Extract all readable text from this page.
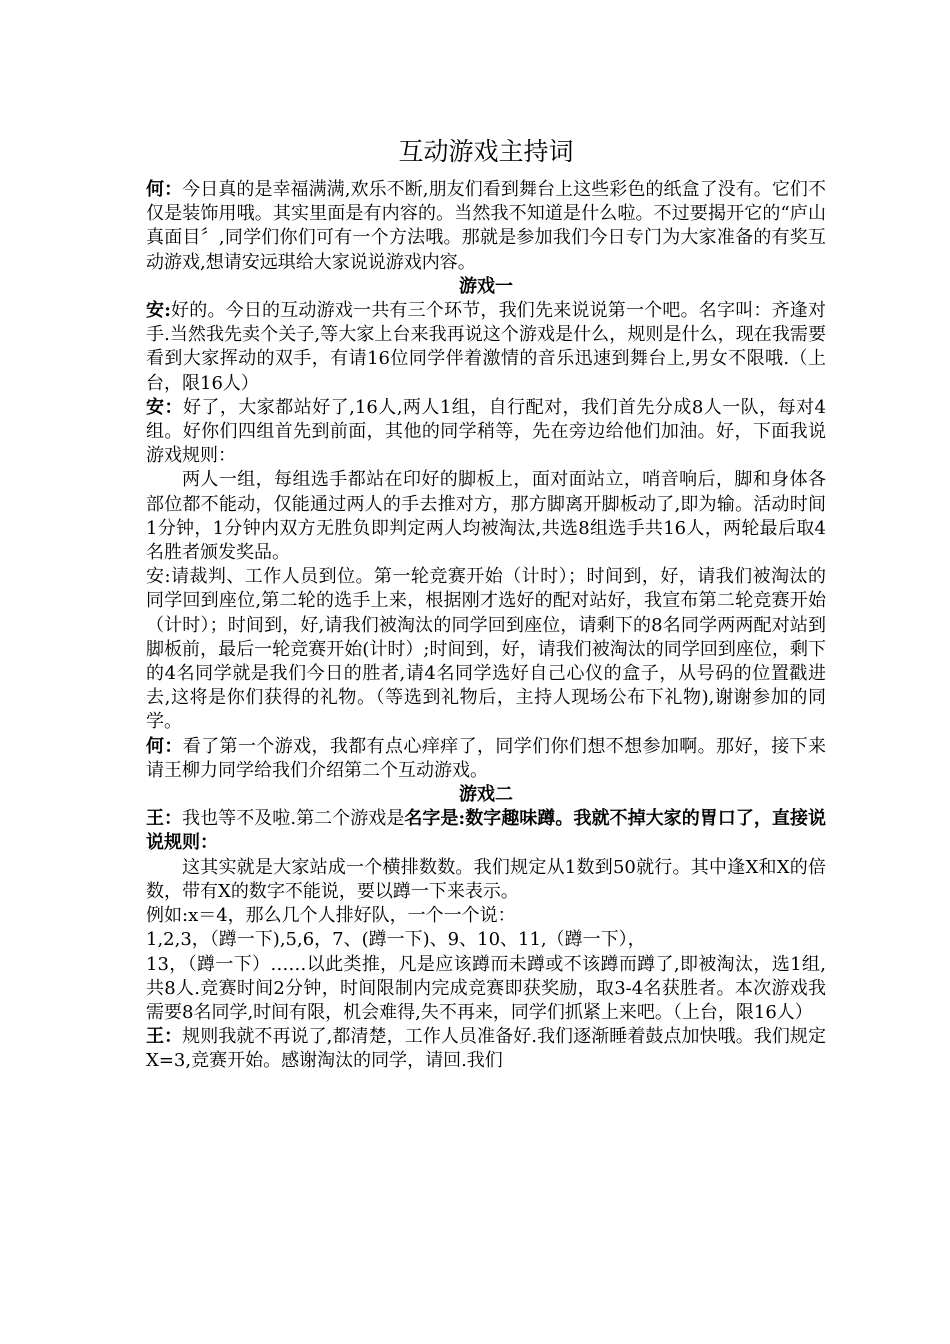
互动游戏主持词

何：今日真的是幸福满满,欢乐不断,朋友们看到舞台上这些彩色的纸盒了没有。它们不仅是装饰用哦。其实里面是有内容的。当然我不知道是什么啦。不过要揭开它的“庐山真面目〞,同学们你们可有一个方法哦。那就是参加我们今日专门为大家准备的有奖互动游戏,想请安远琪给大家说说游戏内容。

游戏一

安:好的。今日的互动游戏一共有三个环节，我们先来说说第一个吧。名字叫：齐逢对手.当然我先卖个关子,等大家上台来我再说这个游戏是什么，规则是什么，现在我需要看到大家挥动的双手，有请16位同学伴着激情的音乐迅速到舞台上,男女不限哦.（上台，限16人）

安：好了，大家都站好了,16人,两人1组，自行配对，我们首先分成8人一队，每对4组。好你们四组首先到前面，其他的同学稍等，先在旁边给他们加油。好，下面我说游戏规则：

两人一组，每组选手都站在印好的脚板上，面对面站立，哨音响后，脚和身体各部位都不能动，仅能通过两人的手去推对方，那方脚离开脚板动了,即为输。活动时间1分钟，1分钟内双方无胜负即判定两人均被淘汰,共选8组选手共16人，两轮最后取4名胜者颁发奖品。

安:请裁判、工作人员到位。第一轮竞赛开始（计时）；时间到，好，请我们被淘汰的同学回到座位,第二轮的选手上来，根据刚才选好的配对站好，我宣布第二轮竞赛开始（计时）；时间到，好,请我们被淘汰的同学回到座位，请剩下的8名同学两两配对站到脚板前，最后一轮竞赛开始(计时）;时间到，好，请我们被淘汰的同学回到座位，剩下的4名同学就是我们今日的胜者,请4名同学选好自己心仪的盒子，从号码的位置戳进去,这将是你们获得的礼物。（等选到礼物后，主持人现场公布下礼物),谢谢参加的同学。

何：看了第一个游戏，我都有点心痒痒了，同学们你们想不想参加啊。那好，接下来请王柳力同学给我们介绍第二个互动游戏。

游戏二

王：我也等不及啦.第二个游戏是名字是:数字趣味蹲。我就不掉大家的胃口了，直接说说规则：

这其实就是大家站成一个横排数数。我们规定从1数到50就行。其中逢X和X的倍数，带有X的数字不能说，要以蹲一下来表示。

例如:x＝4，那么几个人排好队，一个一个说：

1,2,3，（蹲一下),5,6，7、(蹲一下)、9、10、11,（蹲一下），

13，（蹲一下）……以此类推，凡是应该蹲而未蹲或不该蹲而蹲了,即被淘汰，选1组,共8人.竞赛时间2分钟，时间限制内完成竞赛即获奖励，取3-4名获胜者。本次游戏我需要8名同学,时间有限，机会难得,失不再来，同学们抓紧上来吧。（上台，限16人）

王：规则我就不再说了,都清楚，工作人员准备好.我们逐渐睡着鼓点加快哦。我们规定X=3,竞赛开始。感谢淘汰的同学，请回.我们
